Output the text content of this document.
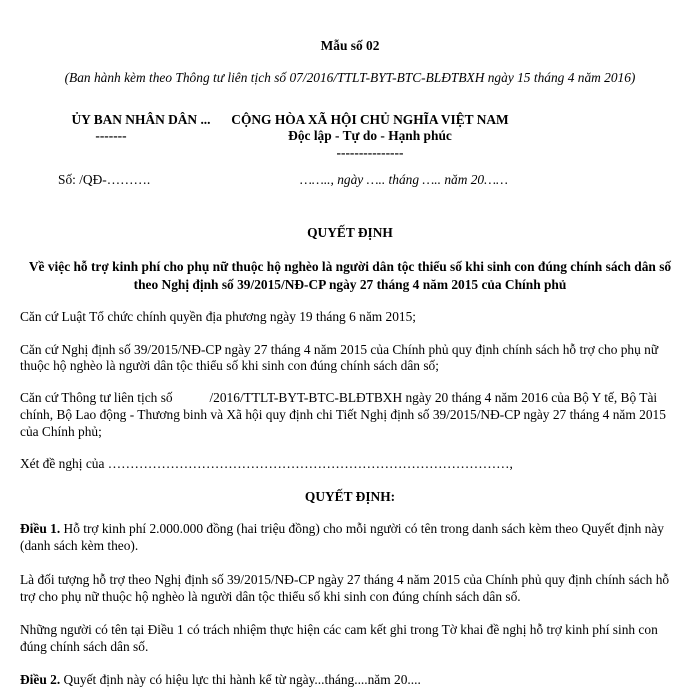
Mẫu số 02
(Ban hành kèm theo Thông tư liên tịch số 07/2016/TTLT-BYT-BTC-BLĐTBXH ngày 15 tháng 4 năm 2016)
ỦY BAN NHÂN DÂN ...
-------
CỘNG HÒA XÃ HỘI CHỦ NGHĨA VIỆT NAM
Độc lập - Tự do - Hạnh phúc
---------------
Số: /QĐ-……….	…….., ngày ….. tháng ….. năm 20……
QUYẾT ĐỊNH
Về việc hỗ trợ kinh phí cho phụ nữ thuộc hộ nghèo là người dân tộc thiểu số khi sinh con đúng chính sách dân số
theo Nghị định số 39/2015/NĐ-CP ngày 27 tháng 4 năm 2015 của Chính phủ
Căn cứ Luật Tổ chức chính quyền địa phương ngày 19 tháng 6 năm 2015;
Căn cứ Nghị định số 39/2015/NĐ-CP ngày 27 tháng 4 năm 2015 của Chính phủ quy định chính sách hỗ trợ cho phụ nữ
thuộc hộ nghèo là người dân tộc thiểu số khi sinh con đúng chính sách dân số;
Căn cứ Thông tư liên tịch số           /2016/TTLT-BYT-BTC-BLĐTBXH ngày 20 tháng 4 năm 2016 của Bộ Y tế, Bộ Tài
chính, Bộ Lao động - Thương binh và Xã hội quy định chi Tiết Nghị định số 39/2015/NĐ-CP ngày 27 tháng 4 năm 2015
của Chính phủ;
Xét đề nghị của ………………………………………………………………………………,
QUYẾT ĐỊNH:
Điều 1. Hỗ trợ kinh phí 2.000.000 đồng (hai triệu đồng) cho mỗi người có tên trong danh sách kèm theo Quyết định này
(danh sách kèm theo).
Là đối tượng hỗ trợ theo Nghị định số 39/2015/NĐ-CP ngày 27 tháng 4 năm 2015 của Chính phủ quy định chính sách hỗ
trợ cho phụ nữ thuộc hộ nghèo là người dân tộc thiểu số khi sinh con đúng chính sách dân số.
Những người có tên tại Điều 1 có trách nhiệm thực hiện các cam kết ghi trong Tờ khai đề nghị hỗ trợ kinh phí sinh con
đúng chính sách dân số.
Điều 2. Quyết định này có hiệu lực thi hành kể từ ngày...tháng....năm 20....
